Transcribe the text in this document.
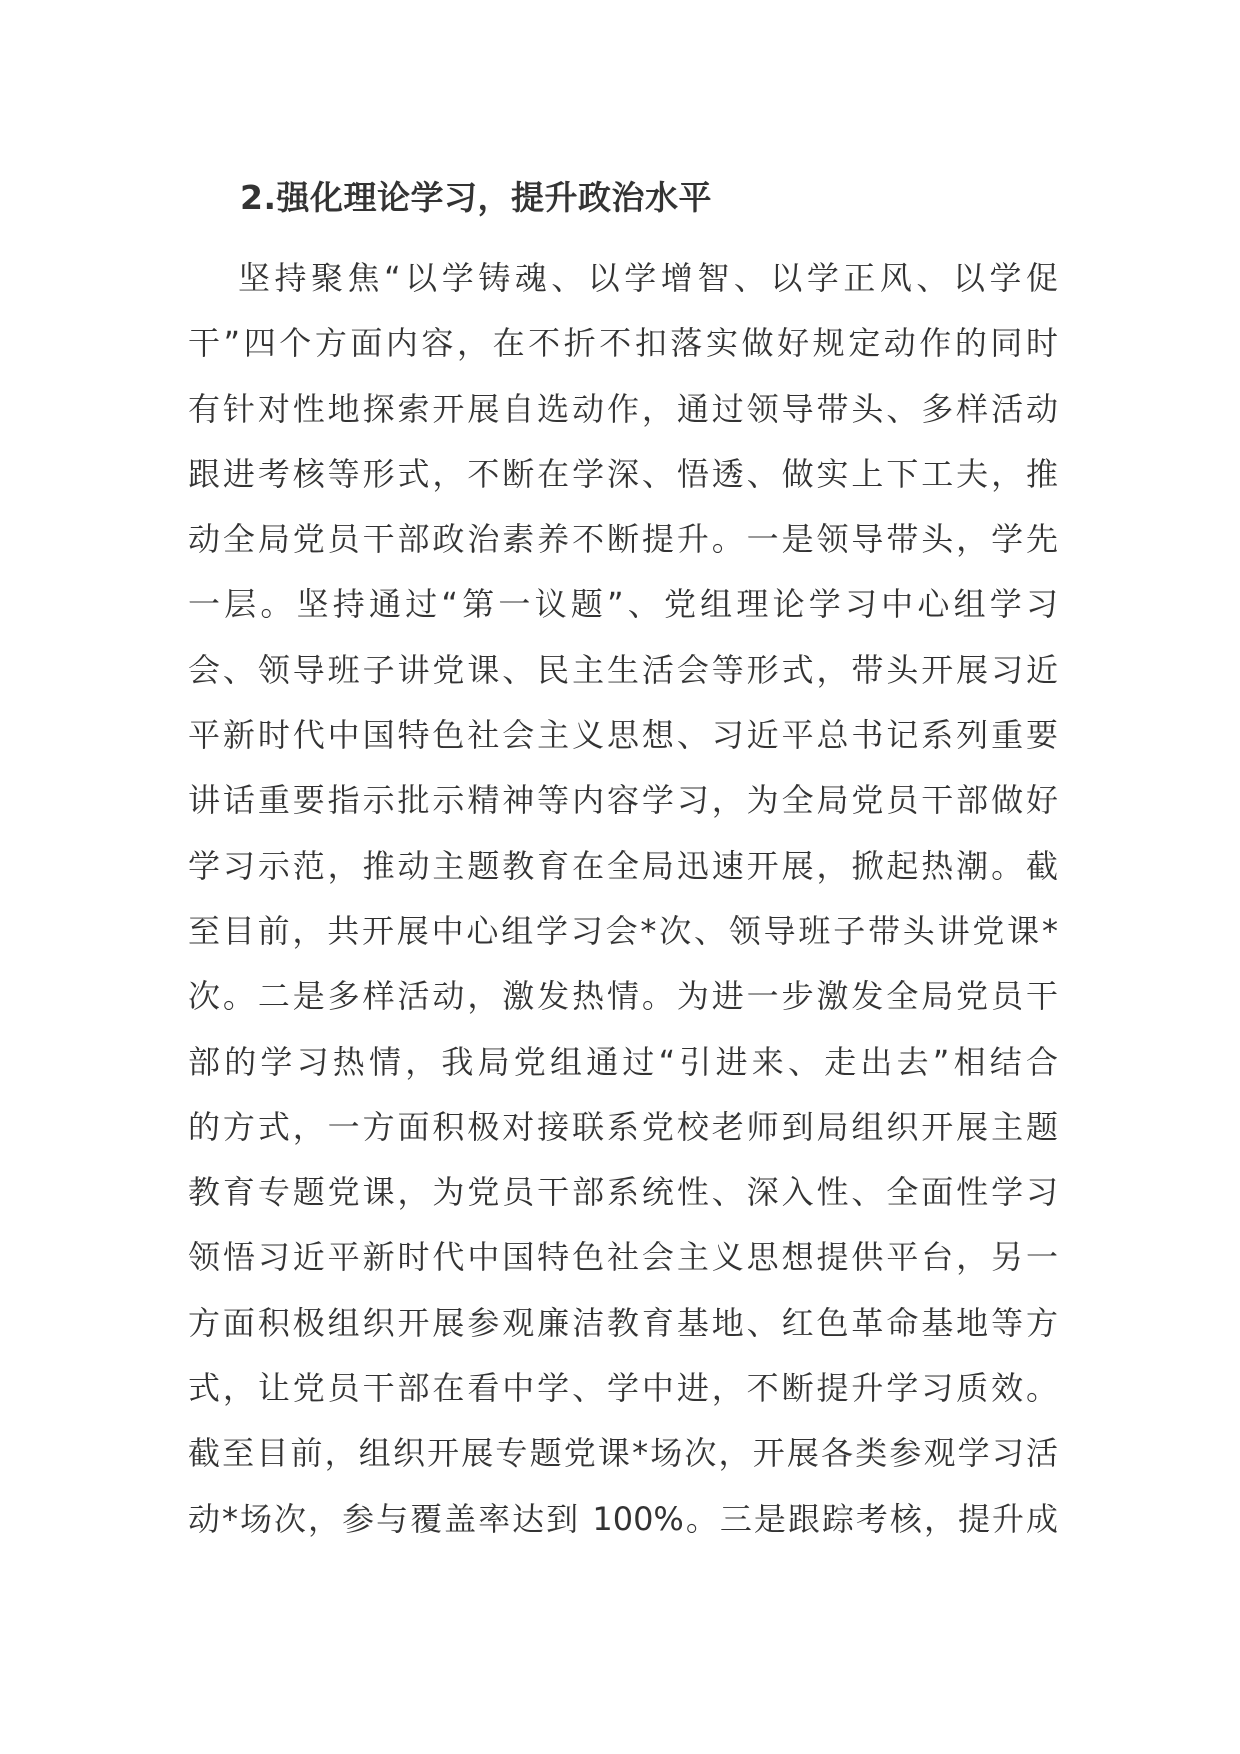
2.强化理论学习，提升政治水平
坚持聚焦“以学铸魂、以学增智、以学正风、以学促
干”四个方面内容，在不折不扣落实做好规定动作的同时
有针对性地探索开展自选动作，通过领导带头、多样活动
跟进考核等形式，不断在学深、悟透、做实上下工夫，推
动全局党员干部政治素养不断提升。一是领导带头，学先
一层。坚持通过“第一议题”、党组理论学习中心组学习
会、领导班子讲党课、民主生活会等形式，带头开展习近
平新时代中国特色社会主义思想、习近平总书记系列重要
讲话重要指示批示精神等内容学习，为全局党员干部做好
学习示范，推动主题教育在全局迅速开展，掀起热潮。截
至目前，共开展中心组学习会*次、领导班子带头讲党课*
次。二是多样活动，激发热情。为进一步激发全局党员干
部的学习热情，我局党组通过“引进来、走出去”相结合
的方式，一方面积极对接联系党校老师到局组织开展主题
教育专题党课，为党员干部系统性、深入性、全面性学习
领悟习近平新时代中国特色社会主义思想提供平台，另一
方面积极组织开展参观廉洁教育基地、红色革命基地等方
式，让党员干部在看中学、学中进，不断提升学习质效。
截至目前，组织开展专题党课*场次，开展各类参观学习活
动*场次，参与覆盖率达到 100%。三是跟踪考核，提升成
